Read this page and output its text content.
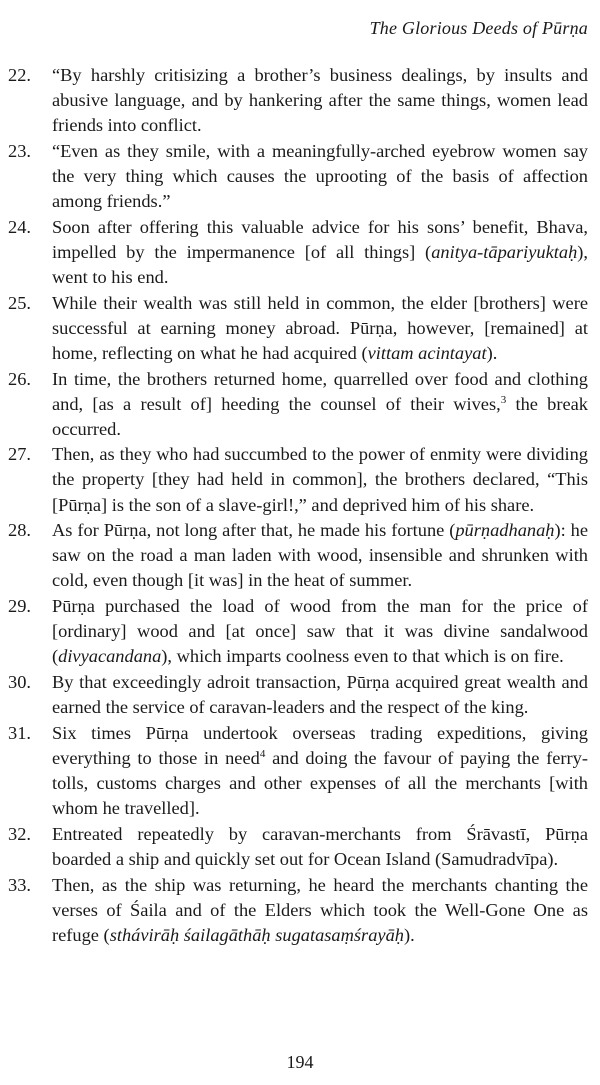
The Glorious Deeds of Pūrṇa
22.	“By harshly critisizing a brother’s business dealings, by insults and abusive language, and by hankering after the same things, women lead friends into conflict.
23.	“Even as they smile, with a meaningfully-arched eyebrow women say the very thing which causes the uprooting of the basis of affection among friends.”
24.	Soon after offering this valuable advice for his sons’ benefit, Bhava, impelled by the impermanence [of all things] (anitya-tāpariyuktaḥ), went to his end.
25.	While their wealth was still held in common, the elder [brothers] were successful at earning money abroad. Pūrṇa, however, [remained] at home, reflecting on what he had acquired (vittam acintayat).
26.	In time, the brothers returned home, quarrelled over food and clothing and, [as a result of] heeding the counsel of their wives,$^3$ the break occurred.
27.	Then, as they who had succumbed to the power of enmity were dividing the property [they had held in common], the brothers declared, “This [Pūrṇa] is the son of a slave-girl!,” and deprived him of his share.
28.	As for Pūrṇa, not long after that, he made his fortune (pūrṇadhanaḥ): he saw on the road a man laden with wood, insensible and shrunken with cold, even though [it was] in the heat of summer.
29.	Pūrṇa purchased the load of wood from the man for the price of [ordinary] wood and [at once] saw that it was divine sandalwood (divyacandana), which imparts coolness even to that which is on fire.
30.	By that exceedingly adroit transaction, Pūrṇa acquired great wealth and earned the service of caravan-leaders and the respect of the king.
31.	Six times Pūrṇa undertook overseas trading expeditions, giving everything to those in need$^4$ and doing the favour of paying the ferry-tolls, customs charges and other expenses of all the merchants [with whom he travelled].
32.	Entreated repeatedly by caravan-merchants from Śrāvastī, Pūrṇa boarded a ship and quickly set out for Ocean Island (Samudradvīpa).
33.	Then, as the ship was returning, he heard the merchants chanting the verses of Śaila and of the Elders which took the Well-Gone One as refuge (sthávirāḥ śailagāthāḥ sugatasaṃśrayāḥ).
194
